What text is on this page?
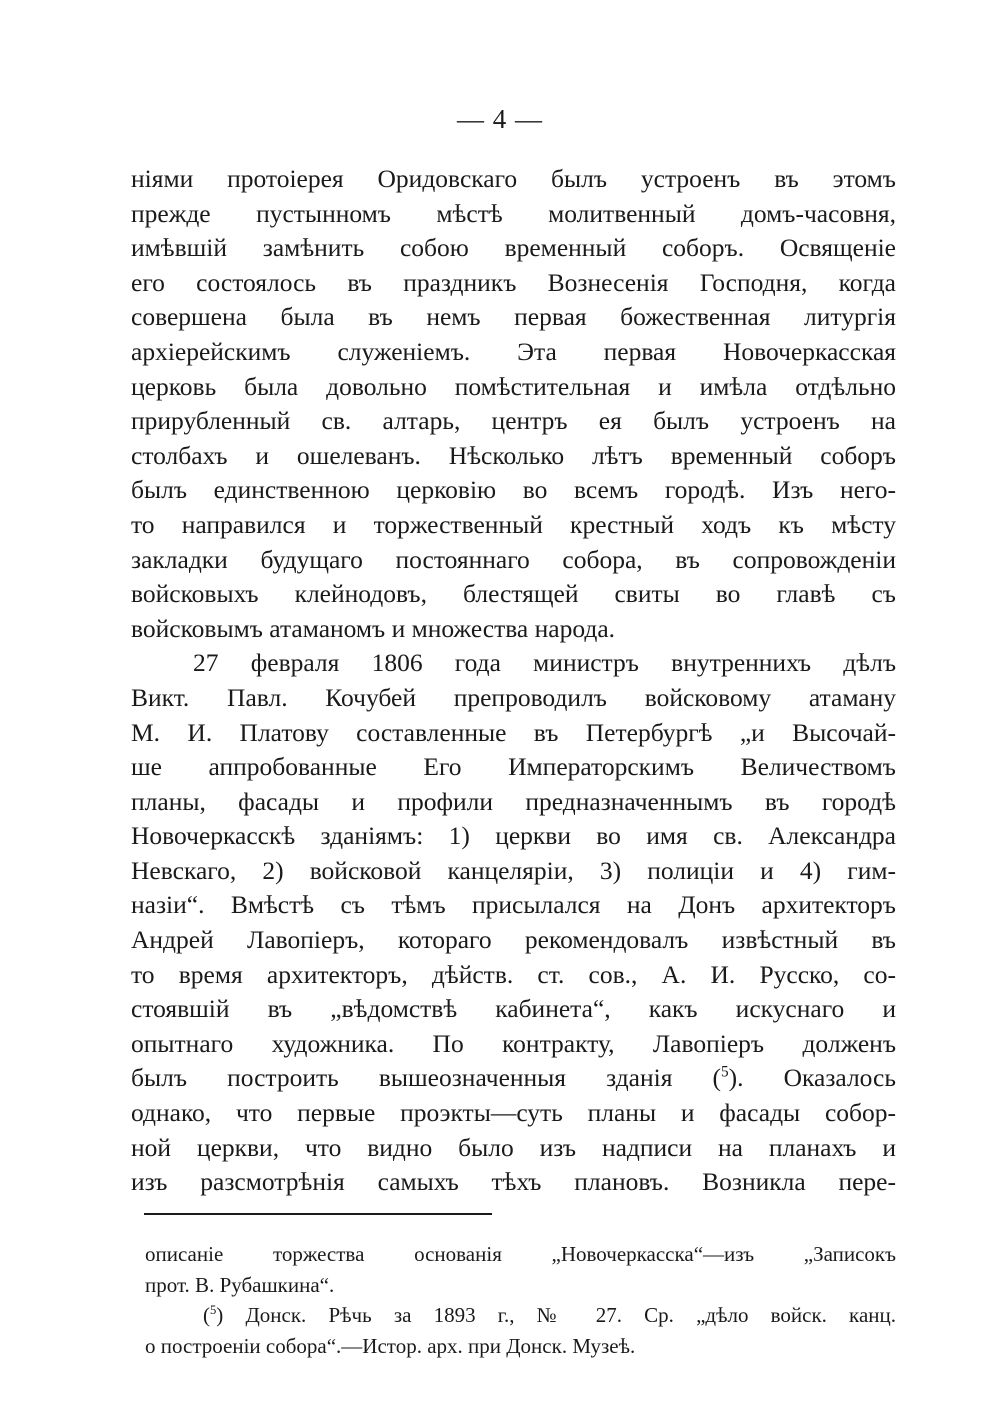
— 4 —
ніями протоіерея Оридовскаго былъ устроенъ въ этомъ
прежде пустынномъ мѣстѣ молитвенный домъ-часовня,
имѣвшій замѣнить собою временный соборъ. Освященіе
его состоялось въ праздникъ Вознесенія Господня, когда
совершена была въ немъ первая божественная литургія
архіерейскимъ служеніемъ. Эта первая Новочеркасская
церковь была довольно помѣстительная и имѣла отдѣльно
прирубленный св. алтарь, центръ ея былъ устроенъ на
столбахъ и ошелеванъ. Нѣсколько лѣтъ временный соборъ
былъ единственною церковію во всемъ городѣ. Изъ него-
то направился и торжественный крестный ходъ къ мѣсту
закладки будущаго постояннаго собора, въ сопровожденіи
войсковыхъ клейнодовъ, блестящей свиты во главѣ съ
войсковымъ атаманомъ и множества народа.
27 февраля 1806 года министръ внутреннихъ дѣлъ
Викт. Павл. Кочубей препроводилъ войсковому атаману
М. И. Платову составленные въ Петербургѣ „и Высочай-
ше аппробованные Его Императорскимъ Величествомъ
планы, фасады и профили предназначеннымъ въ городѣ
Новочеркасскѣ зданіямъ: 1) церкви во имя св. Александра
Невскаго, 2) войсковой канцеляріи, 3) полиціи и 4) гим-
назіи“. Вмѣстѣ съ тѣмъ присылался на Донъ архитекторъ
Андрей Лавопіеръ, котораго рекомендовалъ извѣстный въ
то время архитекторъ, дѣйств. ст. сов., А. И. Русско, со-
стоявшій въ „вѣдомствѣ кабинета“, какъ искуснаго и
опытнаго художника. По контракту, Лавопіеръ долженъ
былъ построить вышеозначенныя зданія ($^5$). Оказалось
однако, что первые проэкты—суть планы и фасады собор-
ной церкви, что видно было изъ надписи на планахъ и
изъ разсмотрѣнія самыхъ тѣхъ плановъ. Возникла пере-
описаніе торжества основанія „Новочеркасска“—изъ „Записокъ
прот. В. Рубашкина“.
($^5$) Донск. Рѣчь за 1893 г., № 27. Ср. „дѣло войск. канц.
о построеніи собора“.—Истор. арх. при Донск. Музеѣ.
